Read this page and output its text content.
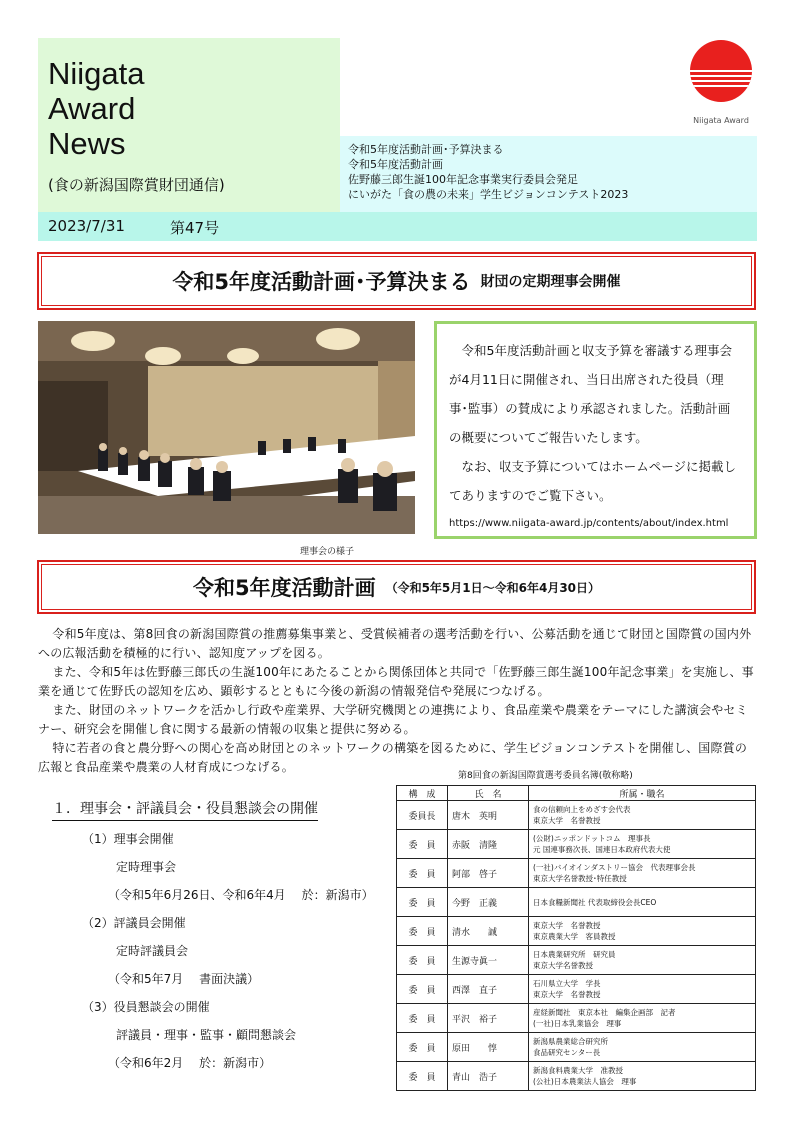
Niigata
Award
News
(食の新潟国際賞財団通信)
令和5年度活動計画･予算決まる
令和5年度活動計画
佐野藤三郎生誕100年記念事業実行委員会発足
にいがた「食の農の未来」学生ビジョンコンテスト2023
2023/7/31	第47号
Niigata Award
令和5年度活動計画･予算決まる 財団の定期理事会開催
理事会の様子

令和5年度活動計画と収支予算を審議する理事会が4月11日に開催され、当日出席された役員（理事･監事）の賛成により承認されました。活動計画の概要についてご報告いたします。

なお、収支予算についてはホームページに掲載してありますのでご覧下さい。

https://www.niigata-award.jp/contents/about/index.html

令和5年度活動計画 （令和5年5月1日～令和6年4月30日）

令和5年度は、第8回食の新潟国際賞の推薦募集事業と、受賞候補者の選考活動を行い、公募活動を通じて財団と国際賞の国内外への広報活動を積極的に行い、認知度アップを図る。

また、令和5年は佐野藤三郎氏の生誕100年にあたることから関係団体と共同で「佐野藤三郎生誕100年記念事業」を実施し、事業を通じて佐野氏の認知を広め、顕彰するとともに今後の新潟の情報発信や発展につなげる。

また、財団のネットワークを活かし行政や産業界、大学研究機関との連携により、食品産業や農業をテーマにした講演会やセミナー、研究会を開催し食に関する最新の情報の収集と提供に努める。

特に若者の食と農分野への関心を高め財団とのネットワークの構築を図るために、学生ビジョンコンテストを開催し、国際賞の広報と食品産業や農業の人材育成につなげる。

１．理事会・評議員会・役員懇談会の開催
（1）理事会開催
定時理事会
（令和5年6月26日、令和6年4月　 於：新潟市）
（2）評議員会開催
定時評議員会
（令和5年7月　 書面決議）
（3）役員懇談会の開催
評議員・理事・監事・顧問懇談会
（令和6年2月　 於：新潟市）
第8回食の新潟国際賞選考委員名簿(敬称略)
構　成	氏　名	所属・職名
委員長	唐木　英明	食の信頼向上をめざす会代表
東京大学　名誉教授

委　員	赤阪　清隆	(公財)ニッポンドットコム　理事長
元 国連事務次長、国連日本政府代表大使

委　員	阿部　啓子	(一社)バイオインダストリー協会　代表理事会長
東京大学名誉教授･特任教授

委　員	今野　正義	日本食糧新聞社 代表取締役会長CEO

委　員	清水　　誠	東京大学　名誉教授
東京農業大学　客員教授

委　員	生源寺眞一	日本農業研究所　研究員
東京大学名誉教授

委　員	西澤　直子	石川県立大学　学長
東京大学　名誉教授

委　員	平沢　裕子	産経新聞社　東京本社　編集企画部　記者
(一社)日本乳業協会　理事

委　員	原田　　惇	新潟県農業総合研究所
食品研究センター長

委　員	青山　浩子	新潟食料農業大学　准教授
(公社)日本農業法人協会　理事
